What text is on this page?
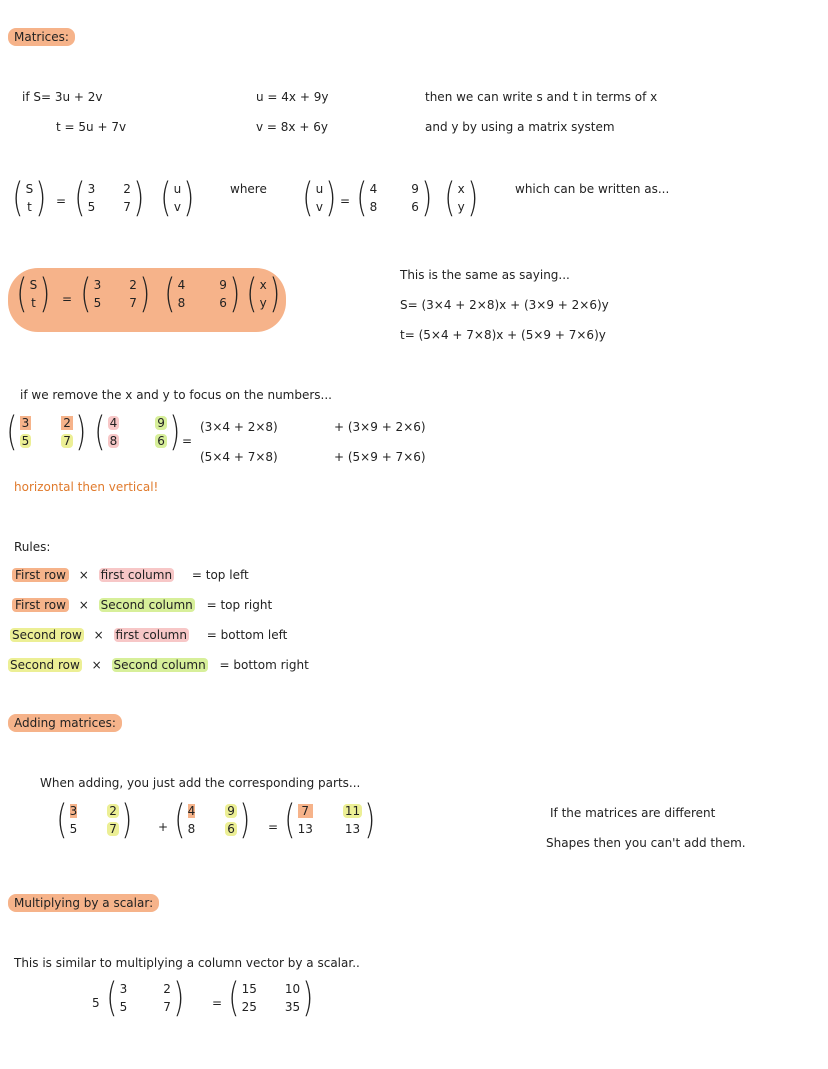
Matrices:
if S= 3u + 2v
t = 5u + 7v
u = 4x + 9y
v = 8x + 6y
then we can write s and t in terms of x
and y by using a matrix system
( S
t ) = ( 3 2
5 7 ) ( u
v )	where ( u
v ) = ( 4	9
8	6 ) ( x
y )	which can be written as...
( S
t ) = ( 3 2
5 7 ) ( 4	9
8	6 ) ( x
y )	This is the same as saying...
S= (3×4 + 2×8)x + (3×9 + 2×6)y
t= (5×4 + 7×8)x + (5×9 + 7×6)y
if we remove the x and y to focus on the numbers...
( 3	2
5	7 ) ( 4	9
8	6 ) =
(3×4 + 2×8)	+ (3×9 + 2×6)
(5×4 + 7×8)	+ (5×9 + 7×6)
horizontal then vertical!
Rules:
First row × first column = top left
First row × Second column = top right
Second row × first column = bottom left
Second row × Second column = bottom right
Adding matrices:
When adding, you just add the corresponding parts...
( 3	2
5	7 ) + ( 4	9
8	6 ) = ( 7	11
13	13 )	If the matrices are different
Shapes then you can't add them.
Multiplying by a scalar:
This is similar to multiplying a column vector by a scalar..
5 ( 3	2
5	7 ) = ( 15 10
25 35 )
